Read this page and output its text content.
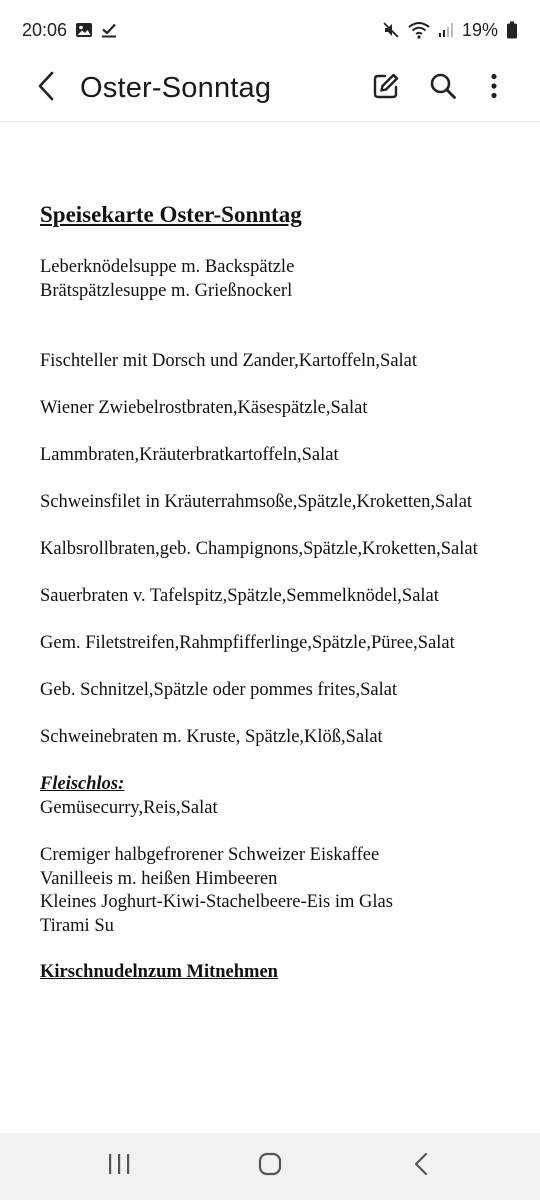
20:06	19%
Oster-Sonntag
Speisekarte Oster-Sonntag
Leberknödelsuppe m. Backspätzle
Brätspätzlesuppe m. Grießnockerl
Fischteller mit Dorsch und Zander,Kartoffeln,Salat
Wiener Zwiebelrostbraten,Käsespätzle,Salat
Lammbraten,Kräuterbratkartoffeln,Salat
Schweinsfilet in Kräuterrahmsoße,Spätzle,Kroketten,Salat
Kalbsrollbraten,geb. Champignons,Spätzle,Kroketten,Salat
Sauerbraten v. Tafelspitz,Spätzle,Semmelknödel,Salat
Gem. Filetstreifen,Rahmpfifferlinge,Spätzle,Püree,Salat
Geb. Schnitzel,Spätzle oder pommes frites,Salat
Schweinebraten m. Kruste, Spätzle,Klöß,Salat
Fleischlos:
Gemüsecurry,Reis,Salat
Cremiger halbgefrorener Schweizer Eiskaffee
Vanilleeis m. heißen Himbeeren
Kleines Joghurt-Kiwi-Stachelbeere-Eis im Glas
Tirami Su
Kirschnudelnzum Mitnehmen
